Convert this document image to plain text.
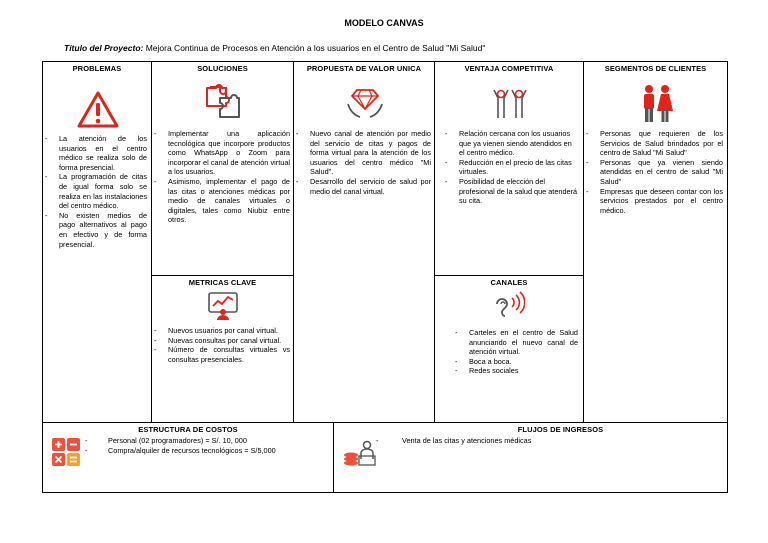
MODELO CANVAS
Título del Proyecto: Mejora Continua de Procesos en Atención a los usuarios en el Centro de Salud "Mi Salud"
PROBLEMAS
- La atención de los usuarios en el centro médico se realiza solo de forma presencial.
- La programación de citas de igual forma solo se realiza en las instalaciones del centro médico.
- No existen medios de pago alternativos al pago en efectivo y de forma presencial.
SOLUCIONES
- Implementar una aplicación tecnológica que incorpore productos como WhatsApp o Zoom para incorporar el canal de atención virtual a los usuarios.
- Asimismo, implementar el pago de las citas o atenciones médicas por medio de canales virtuales o digitales, tales como Niubiz entre otros.
METRICAS CLAVE
- Nuevos usuarios por canal virtual.
- Nuevas consultas por canal virtual.
- Número de consultas virtuales vs consultas presenciales.
PROPUESTA DE VALOR UNICA
- Nuevo canal de atención por medio del servicio de citas y pagos de forma virtual para la atención de los usuarios del centro médico "Mi Salud".
- Desarrollo del servicio de salud por medio del canal virtual.
VENTAJA COMPETITIVA
- Relación cercana con los usuarios que ya vienen siendo atendidos en el centro médico.
- Reducción en el precio de las citas virtuales.
- Posibilidad de elección del profesional de la salud que atenderá su cita.
CANALES
- Carteles en el centro de Salud anunciando el nuevo canal de atención virtual.
- Boca a boca.
- Redes sociales
SEGMENTOS DE CLIENTES
- Personas que requieren de los Servicios de Salud brindados por el centro de Salud "Mi Salud"
- Personas que ya vienen siendo atendidas en el centro de salud "Mi Salud"
- Empresas que deseen contar con los servicios prestados por el centro médico.
ESTRUCTURA DE COSTOS
- Personal (02 programadores) = S/. 10, 000
- Compra/alquiler de recursos tecnológicos = S/5,000
FLUJOS DE INGRESOS
- Venta de las citas y atenciones médicas
